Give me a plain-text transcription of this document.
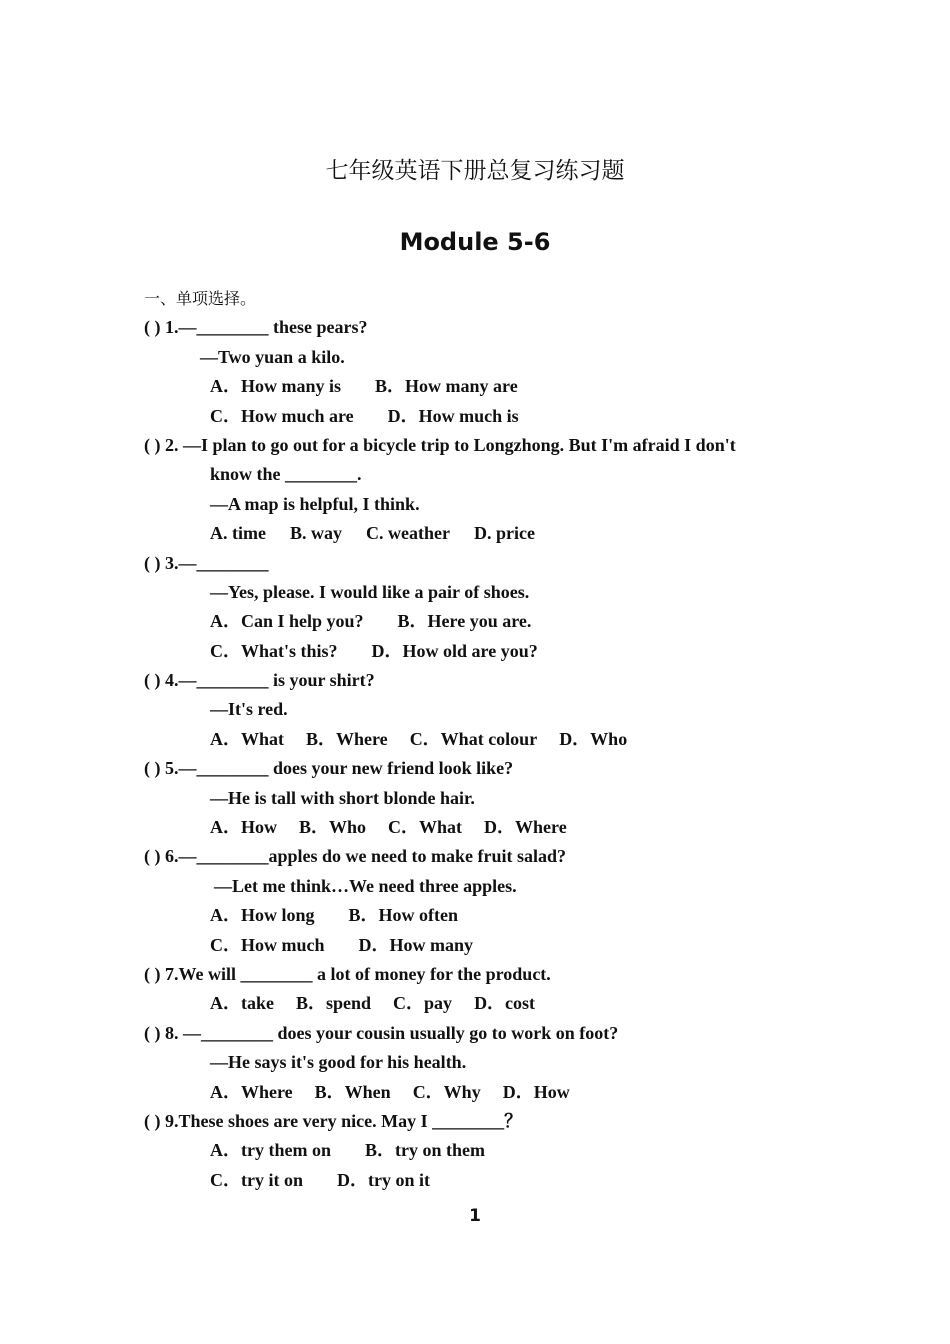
七年级英语下册总复习练习题
Module 5-6
一、单项选择。
( ) 1.—________ these pears?
—Two yuan a kilo.
A．How many is B．How many are
C．How much are D．How much is
( ) 2. —I plan to go out for a bicycle trip to Longzhong. But I'm afraid I don't
know the ________.
—A map is helpful, I think.
A. time B. way C. weather D. price
( ) 3.—________
—Yes, please. I would like a pair of shoes.
A．Can I help you? B．Here you are.
C．What's this? D．How old are you?
( ) 4.—________ is your shirt?
—It's red.
A．What B．Where C．What colour D．Who
( ) 5.—________ does your new friend look like?
—He is tall with short blonde hair.
A．How B．Who C．What D．Where
( ) 6.—________apples do we need to make fruit salad?
—Let me think…We need three apples.
A．How long B．How often
C．How much D．How many
( ) 7.We will ________ a lot of money for the product.
A．take B．spend C．pay D．cost
( ) 8. —________ does your cousin usually go to work on foot?
—He says it's good for his health.
A．Where B．When C．Why D．How
( ) 9.These shoes are very nice. May I ________？
A．try them on B．try on them
C．try it on D．try on it
1
